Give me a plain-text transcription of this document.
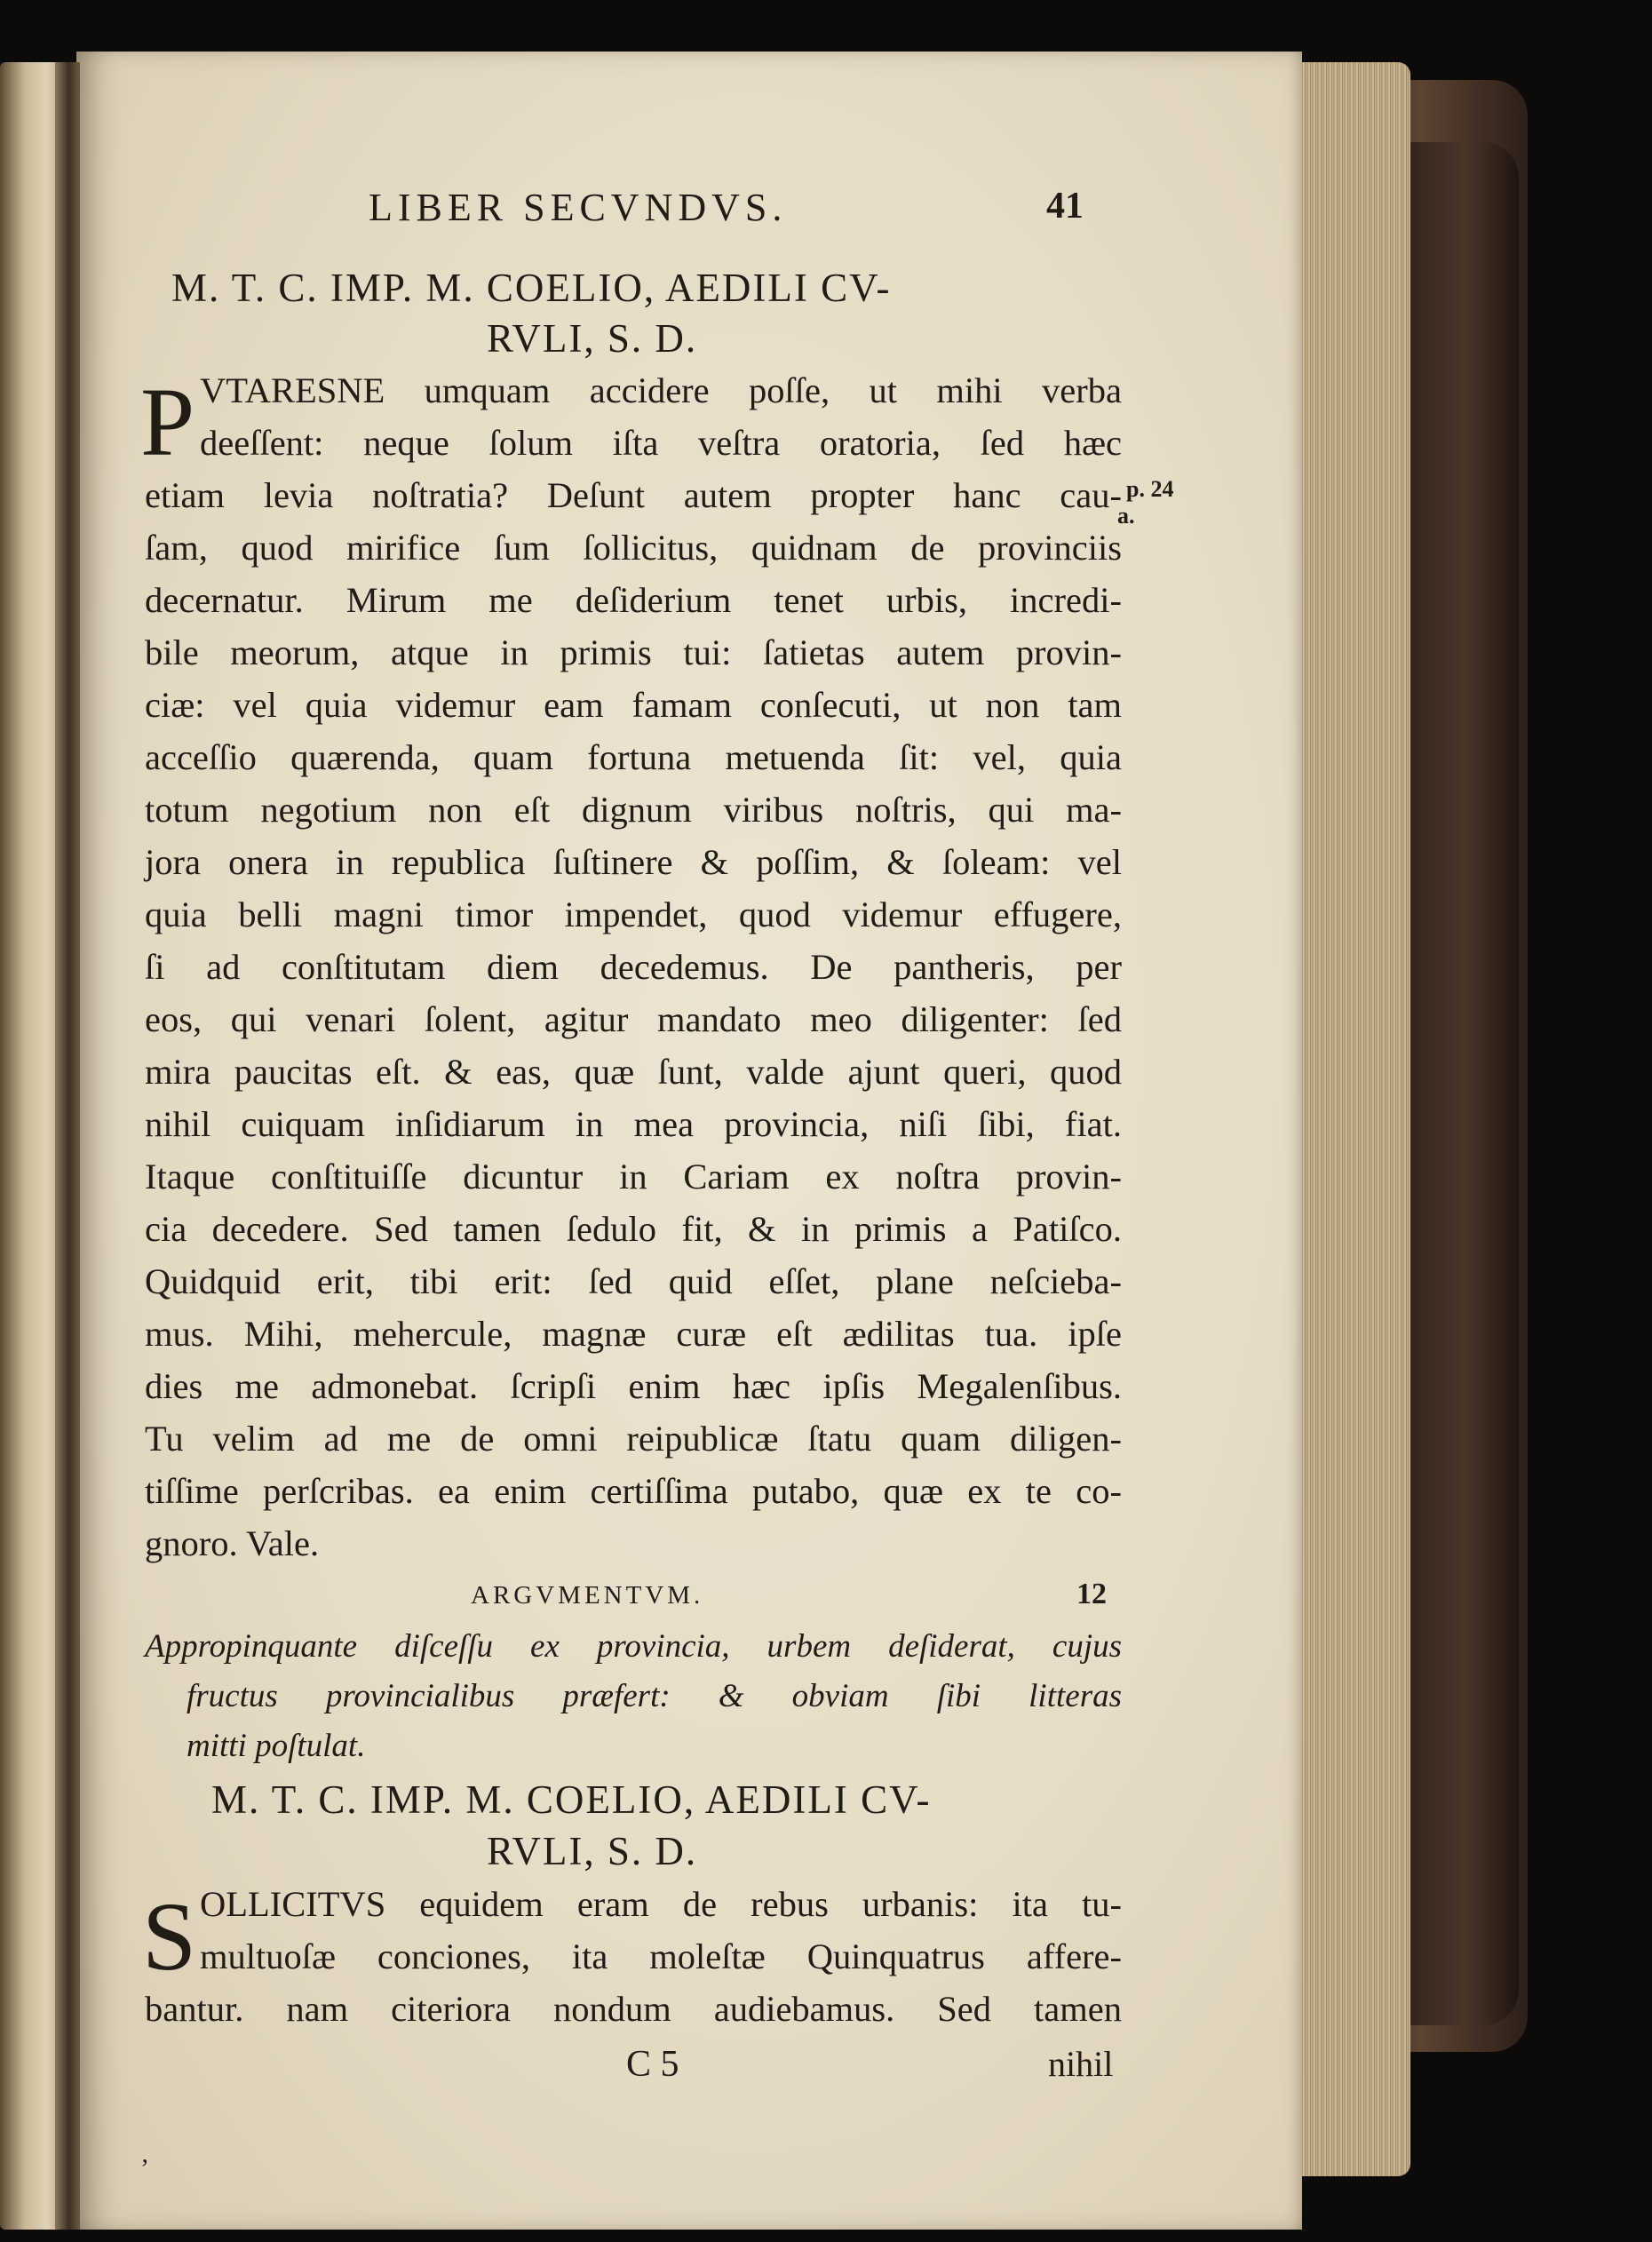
LIBER SECVNDVS.	41
M. T. C. IMP. M. COELIO, AEDILI CV-
RVLI, S. D.
P VTARESNE umquam accidere poſſe, ut mihi verba
deeſſent: neque ſolum iſta veſtra oratoria, ſed hæc
etiam levia noſtratia? Deſunt autem propter hanc cau-
ſam, quod mirifice ſum ſollicitus, quidnam de provinciis
decernatur. Mirum me deſiderium tenet urbis, incredi-
bile meorum, atque in primis tui: ſatietas autem provin-
ciæ: vel quia videmur eam famam conſecuti, ut non tam
acceſſio quærenda, quam fortuna metuenda ſit: vel, quia
totum negotium non eſt dignum viribus noſtris, qui ma-
jora onera in republica ſuſtinere & poſſim, & ſoleam: vel
quia belli magni timor impendet, quod videmur effugere,
ſi ad conſtitutam diem decedemus. De pantheris, per
eos, qui venari ſolent, agitur mandato meo diligenter: ſed
mira paucitas eſt. & eas, quæ ſunt, valde ajunt queri, quod
nihil cuiquam inſidiarum in mea provincia, niſi ſibi, fiat.
Itaque conſtituiſſe dicuntur in Cariam ex noſtra provin-
cia decedere. Sed tamen ſedulo fit, & in primis a Patiſco.
Quidquid erit, tibi erit: ſed quid eſſet, plane neſcieba-
mus. Mihi, mehercule, magnæ curæ eſt ædilitas tua. ipſe
dies me admonebat. ſcripſi enim hæc ipſis Megalenſibus.
Tu velim ad me de omni reipublicæ ſtatu quam diligen-
tiſſime perſcribas. ea enim certiſſima putabo, quæ ex te co-
gnoro. Vale.
p. 24
a.
ARGVMENTVM.	12
Appropinquante diſceſſu ex provincia, urbem deſiderat, cujus
fructus provincialibus præfert: & obviam ſibi litteras
mitti poſtulat.
M. T. C. IMP. M. COELIO, AEDILI CV-
RVLI, S. D.
S OLLICITVS equidem eram de rebus urbanis: ita tu-
multuoſæ conciones, ita moleſtæ Quinquatrus affere-
bantur. nam citeriora nondum audiebamus. Sed tamen
C 5	nihil
ʼ
